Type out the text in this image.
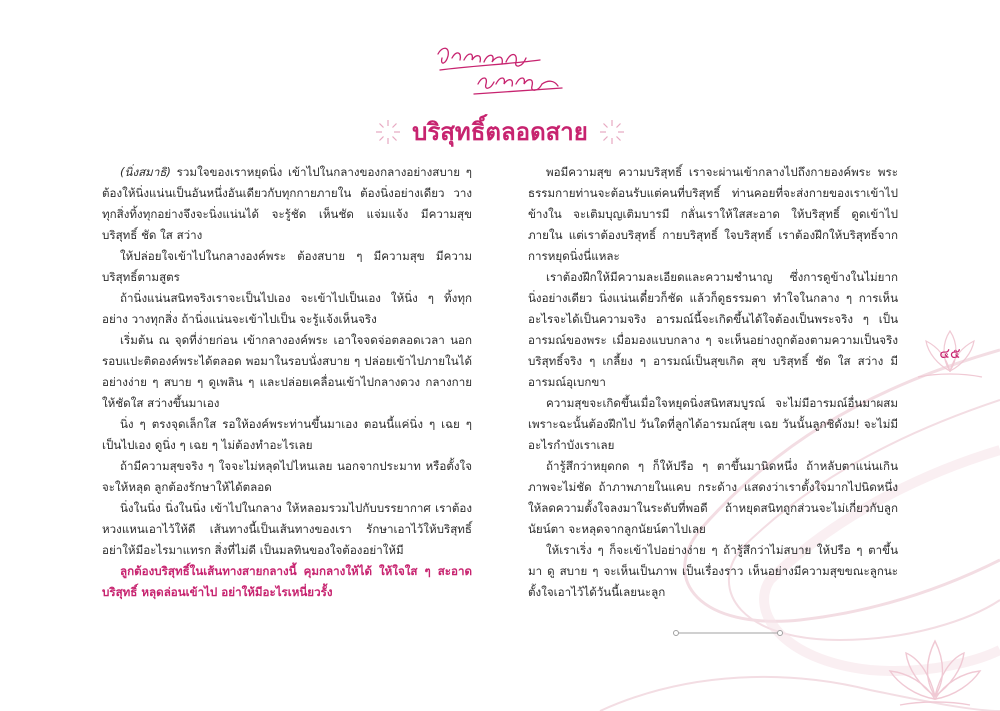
บริสุทธิ์ตลอดสาย

(นิ่งสมาธิ) รวมใจของเราหยุดนิ่ง เข้าไปในกลางของกลางอย่างสบาย ๆ ต้องให้นิ่งแน่นเป็นอันหนึ่งอันเดียวกับทุกกายภายใน ต้องนิ่งอย่างเดียว วางทุกสิ่งทิ้งทุกอย่างจึงจะนิ่งแน่นได้ จะรู้ชัด เห็นชัด แจ่มแจ้ง มีความสุข บริสุทธิ์ ชัด ใส สว่าง

ให้ปล่อยใจเข้าไปในกลางองค์พระ ต้องสบาย ๆ มีความสุข มีความบริสุทธิ์ตามสูตร

ถ้านิ่งแน่นสนิทจริงเราจะเป็นไปเอง จะเข้าไปเป็นเอง ให้นิ่ง ๆ ทิ้งทุกอย่าง วางทุกสิ่ง ถ้านิ่งแน่นจะเข้าไปเป็น จะรู้แจ้งเห็นจริง

เริ่มต้น ณ จุดที่ง่ายก่อน เข้ากลางองค์พระ เอาใจจดจ่อตลอดเวลา นอกรอบแปะติดองค์พระได้ตลอด พอมาในรอบนั่งสบาย ๆ ปล่อยเข้าไปภายในได้อย่างง่าย ๆ สบาย ๆ ดูเพลิน ๆ และปล่อยเคลื่อนเข้าไปกลางดวง กลางกาย ให้ชัดใส สว่างขึ้นมาเอง

นิ่ง ๆ ตรงจุดเล็กใส รอให้องค์พระท่านขึ้นมาเอง ตอนนี้แค่นิ่ง ๆ เฉย ๆ เป็นไปเอง ดูนิ่ง ๆ เฉย ๆ ไม่ต้องทำอะไรเลย

ถ้ามีความสุขจริง ๆ ใจจะไม่หลุดไปไหนเลย นอกจากประมาท หรือตั้งใจจะให้หลุด ลูกต้องรักษาให้ได้ตลอด

นิ่งในนิ่ง นิ่งในนิ่ง เข้าไปในกลาง ให้หลอมรวมไปกับบรรยากาศ เราต้องหวงแหนเอาไว้ให้ดี เส้นทางนี้เป็นเส้นทางของเรา รักษาเอาไว้ให้บริสุทธิ์ อย่าให้มีอะไรมาแทรก สิ่งที่ไม่ดี เป็นมลทินของใจต้องอย่าให้มี

ลูกต้องบริสุทธิ์ในเส้นทางสายกลางนี้ คุมกลางให้ได้ ให้ใจใส ๆ สะอาด บริสุทธิ์ หลุดล่อนเข้าไป อย่าให้มีอะไรเหนี่ยวรั้ง

พอมีความสุข ความบริสุทธิ์ เราจะผ่านเข้ากลางไปถึงกายองค์พระ พระธรรมกายท่านจะต้อนรับแต่คนที่บริสุทธิ์ ท่านคอยที่จะส่งกายของเราเข้าไปข้างใน จะเติมบุญเติมบารมี กลั่นเราให้ใสสะอาด ให้บริสุทธิ์ ดูดเข้าไปภายใน แต่เราต้องบริสุทธิ์ กายบริสุทธิ์ ใจบริสุทธิ์ เราต้องฝึกให้บริสุทธิ์จากการหยุดนิ่งนี่แหละ

เราต้องฝึกให้มีความละเอียดและความชำนาญ ซึ่งการดูข้างในไม่ยาก นิ่งอย่างเดียว นิ่งแน่นเดี๋ยวก็ชัด แล้วก็ดูธรรมดา ทำใจในกลาง ๆ การเห็นอะไรจะได้เป็นความจริง อารมณ์นี้จะเกิดขึ้นได้ใจต้องเป็นพระจริง ๆ เป็นอารมณ์ของพระ เมื่อมองแบบกลาง ๆ จะเห็นอย่างถูกต้องตามความเป็นจริง บริสุทธิ์จริง ๆ เกลี้ยง ๆ อารมณ์เป็นสุขเกิด สุข บริสุทธิ์ ชัด ใส สว่าง มีอารมณ์อุเบกขา

ความสุขจะเกิดขึ้นเมื่อใจหยุดนิ่งสนิทสมบูรณ์ จะไม่มีอารมณ์อื่นมาผสม เพราะฉะนั้นต้องฝึกไป วันใดที่ลูกได้อารมณ์สุข เฉย วันนั้นลูกชิดังม! จะไม่มีอะไรกำบังเราเลย

ถ้ารู้สึกว่าหยุดกด ๆ ก็ให้ปรือ ๆ ตาขึ้นมานิดหนึ่ง ถ้าหลับตาแน่นเกิน ภาพจะไม่ชัด ถ้าภาพภายในแคบ กระด้าง แสดงว่าเราตั้งใจมากไปนิดหนึ่ง ให้ลดความตั้งใจลงมาในระดับที่พอดี ถ้าหยุดสนิทถูกส่วนจะไม่เกี่ยวกับลูกนัยน์ตา จะหลุดจากลูกนัยน์ตาไปเลย

ให้เราเริ่ง ๆ ก็จะเข้าไปอย่างง่าย ๆ ถ้ารู้สึกว่าไม่สบาย ให้ปรือ ๆ ตาขึ้นมา ดู สบาย ๆ จะเห็นเป็นภาพ เป็นเรื่องราว เห็นอย่างมีความสุขขณะลูกนะ ตั้งใจเอาไว้ได้วันนี้เลยนะลูก

๔๕
